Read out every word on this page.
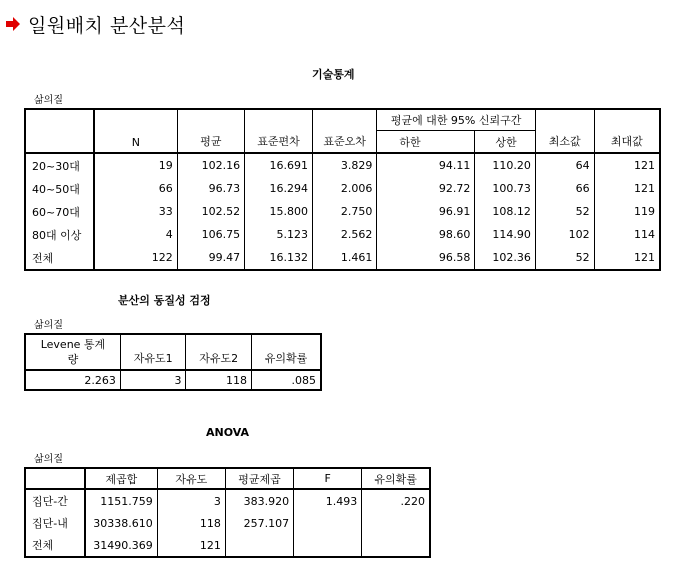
일원배치 분산분석
기술통계
삶의질
	N	평균	표준편차	표준오차	평균에 대한 95% 신뢰구간		최소값	최대값
					하한	상한		
20~30대	19	102.16	16.691	3.829	94.11	110.20	64	121
40~50대	66	96.73	16.294	2.006	92.72	100.73	66	121
60~70대	33	102.52	15.800	2.750	96.91	108.12	52	119
80대 이상	4	106.75	5.123	2.562	98.60	114.90	102	114
전체	122	99.47	16.132	1.461	96.58	102.36	52	121
분산의 동질성 검정
삶의질
Levene 통계
량	자유도1	자유도2	유의확률
2.263	3	118	.085
ANOVA
삶의질
	제곱합	자유도	평균제곱	F	유의확률
집단-간	1151.759	3	383.920	1.493	.220
집단-내	30338.610	118	257.107		
전체	31490.369	121			
